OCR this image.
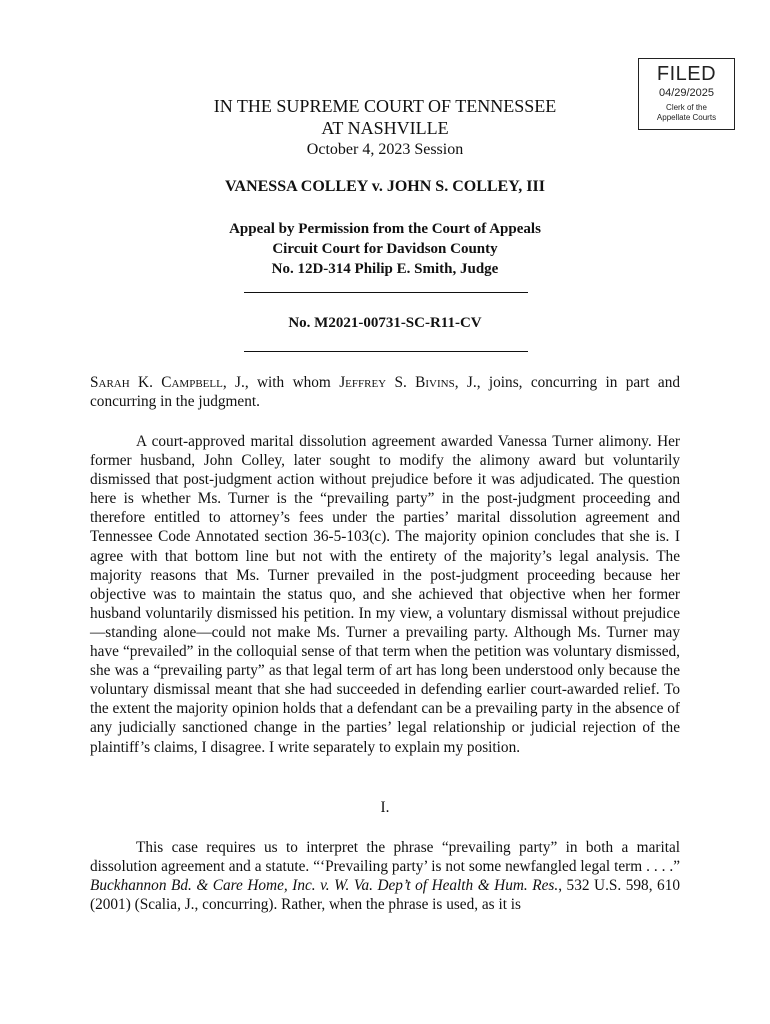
FILED
04/29/2025
Clerk of the
Appellate Courts
IN THE SUPREME COURT OF TENNESSEE
AT NASHVILLE
October 4, 2023 Session
VANESSA COLLEY v. JOHN S. COLLEY, III
Appeal by Permission from the Court of Appeals
Circuit Court for Davidson County
No. 12D-314 Philip E. Smith, Judge
No. M2021-00731-SC-R11-CV
Sarah K. Campbell, J., with whom Jeffrey S. Bivins, J., joins, concurring in part and concurring in the judgment.
A court-approved marital dissolution agreement awarded Vanessa Turner alimony. Her former husband, John Colley, later sought to modify the alimony award but voluntarily dismissed that post-judgment action without prejudice before it was adjudicated. The question here is whether Ms. Turner is the “prevailing party” in the post-judgment proceeding and therefore entitled to attorney’s fees under the parties’ marital dissolution agreement and Tennessee Code Annotated section 36-5-103(c). The majority opinion concludes that she is. I agree with that bottom line but not with the entirety of the majority’s legal analysis. The majority reasons that Ms. Turner prevailed in the post-judgment proceeding because her objective was to maintain the status quo, and she achieved that objective when her former husband voluntarily dismissed his petition. In my view, a voluntary dismissal without prejudice—standing alone—could not make Ms. Turner a prevailing party. Although Ms. Turner may have “prevailed” in the colloquial sense of that term when the petition was voluntary dismissed, she was a “prevailing party” as that legal term of art has long been understood only because the voluntary dismissal meant that she had succeeded in defending earlier court-awarded relief. To the extent the majority opinion holds that a defendant can be a prevailing party in the absence of any judicially sanctioned change in the parties’ legal relationship or judicial rejection of the plaintiff’s claims, I disagree. I write separately to explain my position.
I.
This case requires us to interpret the phrase “prevailing party” in both a marital dissolution agreement and a statute. “‘Prevailing party’ is not some newfangled legal term . . . .” Buckhannon Bd. & Care Home, Inc. v. W. Va. Dep’t of Health & Hum. Res., 532 U.S. 598, 610 (2001) (Scalia, J., concurring). Rather, when the phrase is used, as it is
